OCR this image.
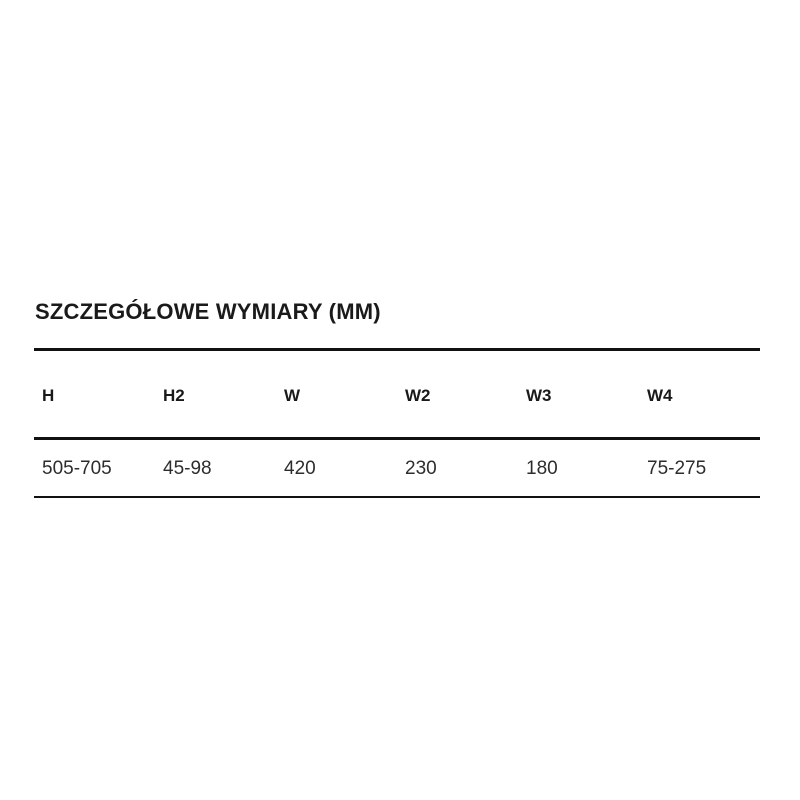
SZCZEGÓŁOWE WYMIARY (MM)
H	H2	W	W2	W3	W4
505-705	45-98	420	230	180	75-275
